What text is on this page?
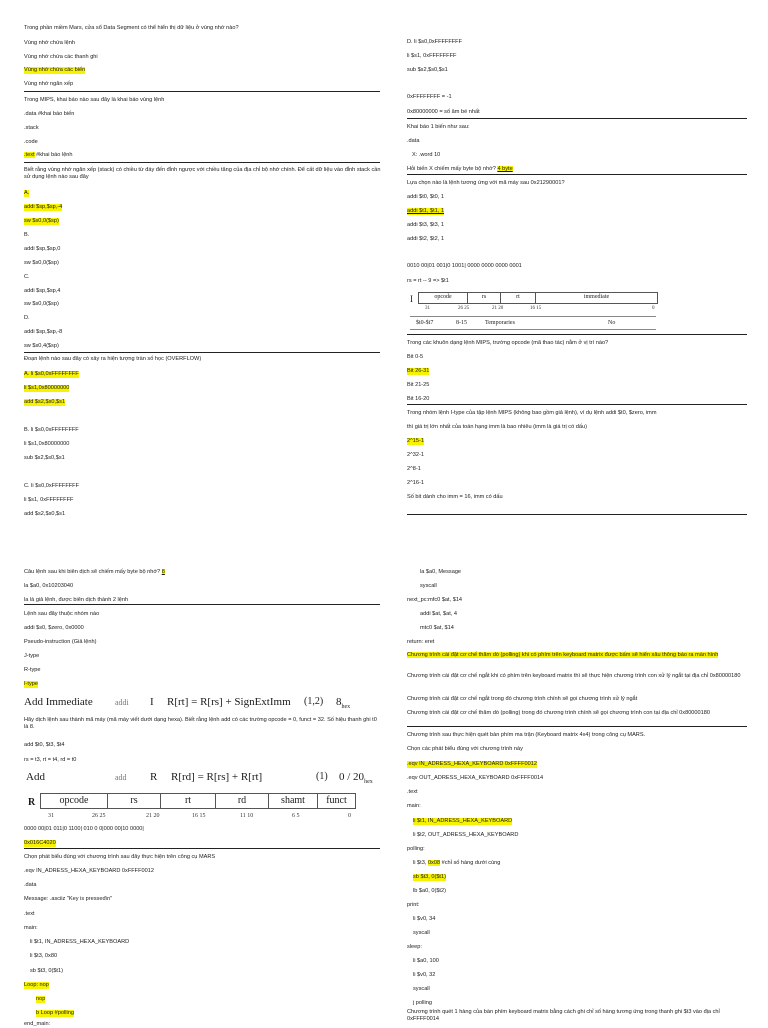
Trong phần miềm Mars, cửa sổ Data Segment có thể hiển thị dữ liệu ở vùng nhớ nào?
Vùng nhớ chứa lệnh
Vùng nhớ chứa các thanh ghi
Vùng nhớ chứa các biến
Vùng nhớ ngăn xếp
Trong MIPS, khai báo nào sau đây là khai báo vùng lệnh
.data #khai báo biến
.stack
.code
.text #khai báo lệnh
Biết rằng vùng nhớ ngăn xếp (stack) có chiều từ đáy đến đỉnh ngược với chiều tăng của địa chỉ bộ nhớ chính. Để cất dữ liệu vào đỉnh stack cần sử dụng lệnh nào sau đây
A.
addi $sp,$sp,-4
sw $s0,0($sp)
B.
addi $sp,$sp,0
sw $s0,0($sp)
C.
addi $sp,$sp,4
sw $s0,0($sp)
D.
addi $sp,$sp,-8
sw $s0,4($sp)
Đoạn lệnh nào sau đây có xảy ra hiện tượng tràn số học (OVERFLOW)
A. li $s0,0xFFFFFFFF
li $s1,0x80000000
add $s2,$s0,$s1
B. li $s0,0xFFFFFFFF
li $s1,0x80000000
sub $s2,$s0,$s1
C. li $s0,0xFFFFFFFF
li $s1, 0xFFFFFFFF
add $s2,$s0,$s1
D. li $s0,0xFFFFFFFF
li $s1, 0xFFFFFFFF
sub $s2,$s0,$s1
0xFFFFFFFF = -1
0x80000000 = số âm bé nhất
Khai báo 1 biến như sau:
.data
X: .word 10
Hỏi biến X chiếm mấy byte bộ nhớ? 4 byte
Lựa chọn nào là lệnh tương ứng với mã máy sau 0x21290001?
addi $t0, $t0, 1
addi $t1, $t1, 1
addi $t3, $t3, 1
addi $t2, $t2, 1
0010 00|01 001|0 1001| 0000 0000 0000 0001
rs = rt -- 9 => $t1
I	opcode	rs	rt	immediate
31	26 25	21 20	16 15	0
$t0-$t7	8-15	Temporaries	No
Trong các khuôn dạng lệnh MIPS, trường opcode (mã thao tác) nằm ở vị trí nào?
Bit 0-5
Bit 26-31
Bit 21-25
Bit 16-20
Trong nhóm lệnh I-type của tập lệnh MIPS (không bao gồm giả lệnh), ví dụ lệnh addi $t0, $zero, imm
thì giá trị lớn nhất của toán hạng imm là bao nhiêu (imm là giá trị có dấu)
2^15-1
2^32-1
2^8-1
2^16-1
Số bit dành cho imm = 16, imm có dấu
Câu lệnh sau khi biên dịch sẽ chiếm mấy byte bộ nhớ? 8
la $a0, 0x10203040
la là giả lệnh, được biên dịch thành 2 lệnh
Lệnh sau đây thuộc nhóm nào
addi $s0, $zero, 0x0000
Pseudo-instruction (Giả lệnh)
J-type
R-type
I-type
Add Immediate	addi I R[rt] = R[rs] + SignExtImm (1,2) $8_{hex}$
Hãy dịch lệnh sau thành mã máy (mã máy viết dưới dạng hexa). Biết rằng lệnh add có các trường opcode = 0, funct = 32. Số hiệu thanh ghi t0 là 8.
add $t0, $t3, $t4
rs = t3, rt = t4, rd = t0
Add	add R R[rd] = R[rs] + R[rt]	(1) $0 / 20_{hex}$
R opcode	rs	rt	rd	shamt	funct
31	26 25	21 20	16 15	11 10	6 5	0
0000 00|01 011|0 1100| 010 0 0|000 00|10 0000|
0x016C4020
Chọn phát biểu đúng với chương trình sau đây thực hiện trên công cụ MARS
.eqv IN_ADRESS_HEXA_KEYBOARD 0xFFFF0012
.data
Message: .asciiz "Key is pressed\n"
.text
main:
li $t1, IN_ADRESS_HEXA_KEYBOARD
li $t3, 0x80
sb $t3, 0($t1)
Loop: nop
nop
b Loop #polling
end_main:
la $a0, Message
syscall
next_pc:mfc0 $at, $14
addi $at, $at, 4
mtc0 $at, $14
return: eret
Chương trình cài đặt cơ chế thăm dò (polling) khi có phím trên keyboard matrix được bấm sẽ hiển xâu thông báo ra màn hình
Chương trình cài đặt cơ chế ngắt khi có phím trên keyboard matrix thì sẽ thực hiện chương trình con xử lý ngắt tại địa chỉ 0x80000180
Chương trình cài đặt cơ chế ngắt trong đó chương trình chính sẽ gọi chương trình xử lý ngắt
Chương trình cài đặt cơ chế thăm dò (polling) trong đó chương trình chính sẽ gọi chương trình con tại địa chỉ 0x80000180
Chương trình sau thực hiện quét bàn phím ma trận (Keyboard matrix 4x4) trong công cụ MARS.
Chọn các phát biểu đúng với chương trình này
.eqv IN_ADRESS_HEXA_KEYBOARD 0xFFFF0012
.eqv OUT_ADRESS_HEXA_KEYBOARD 0xFFFF0014
.text
main:
li $t1, IN_ADRESS_HEXA_KEYBOARD
li $t2, OUT_ADRESS_HEXA_KEYBOARD
polling:
li $t3, 0x08 #chỉ số hàng dưới cùng
sb $t3, 0($t1)
lb $a0, 0($t2)
print:
li $v0, 34
syscall
sleep:
li $a0, 100
li $v0, 32
syscall
j polling
Chương trình quét 1 hàng của bàn phím keyboard matrix bằng cách ghi chỉ số hàng tương ứng trong thanh ghi $t3 vào địa chỉ 0xFFFF0014
